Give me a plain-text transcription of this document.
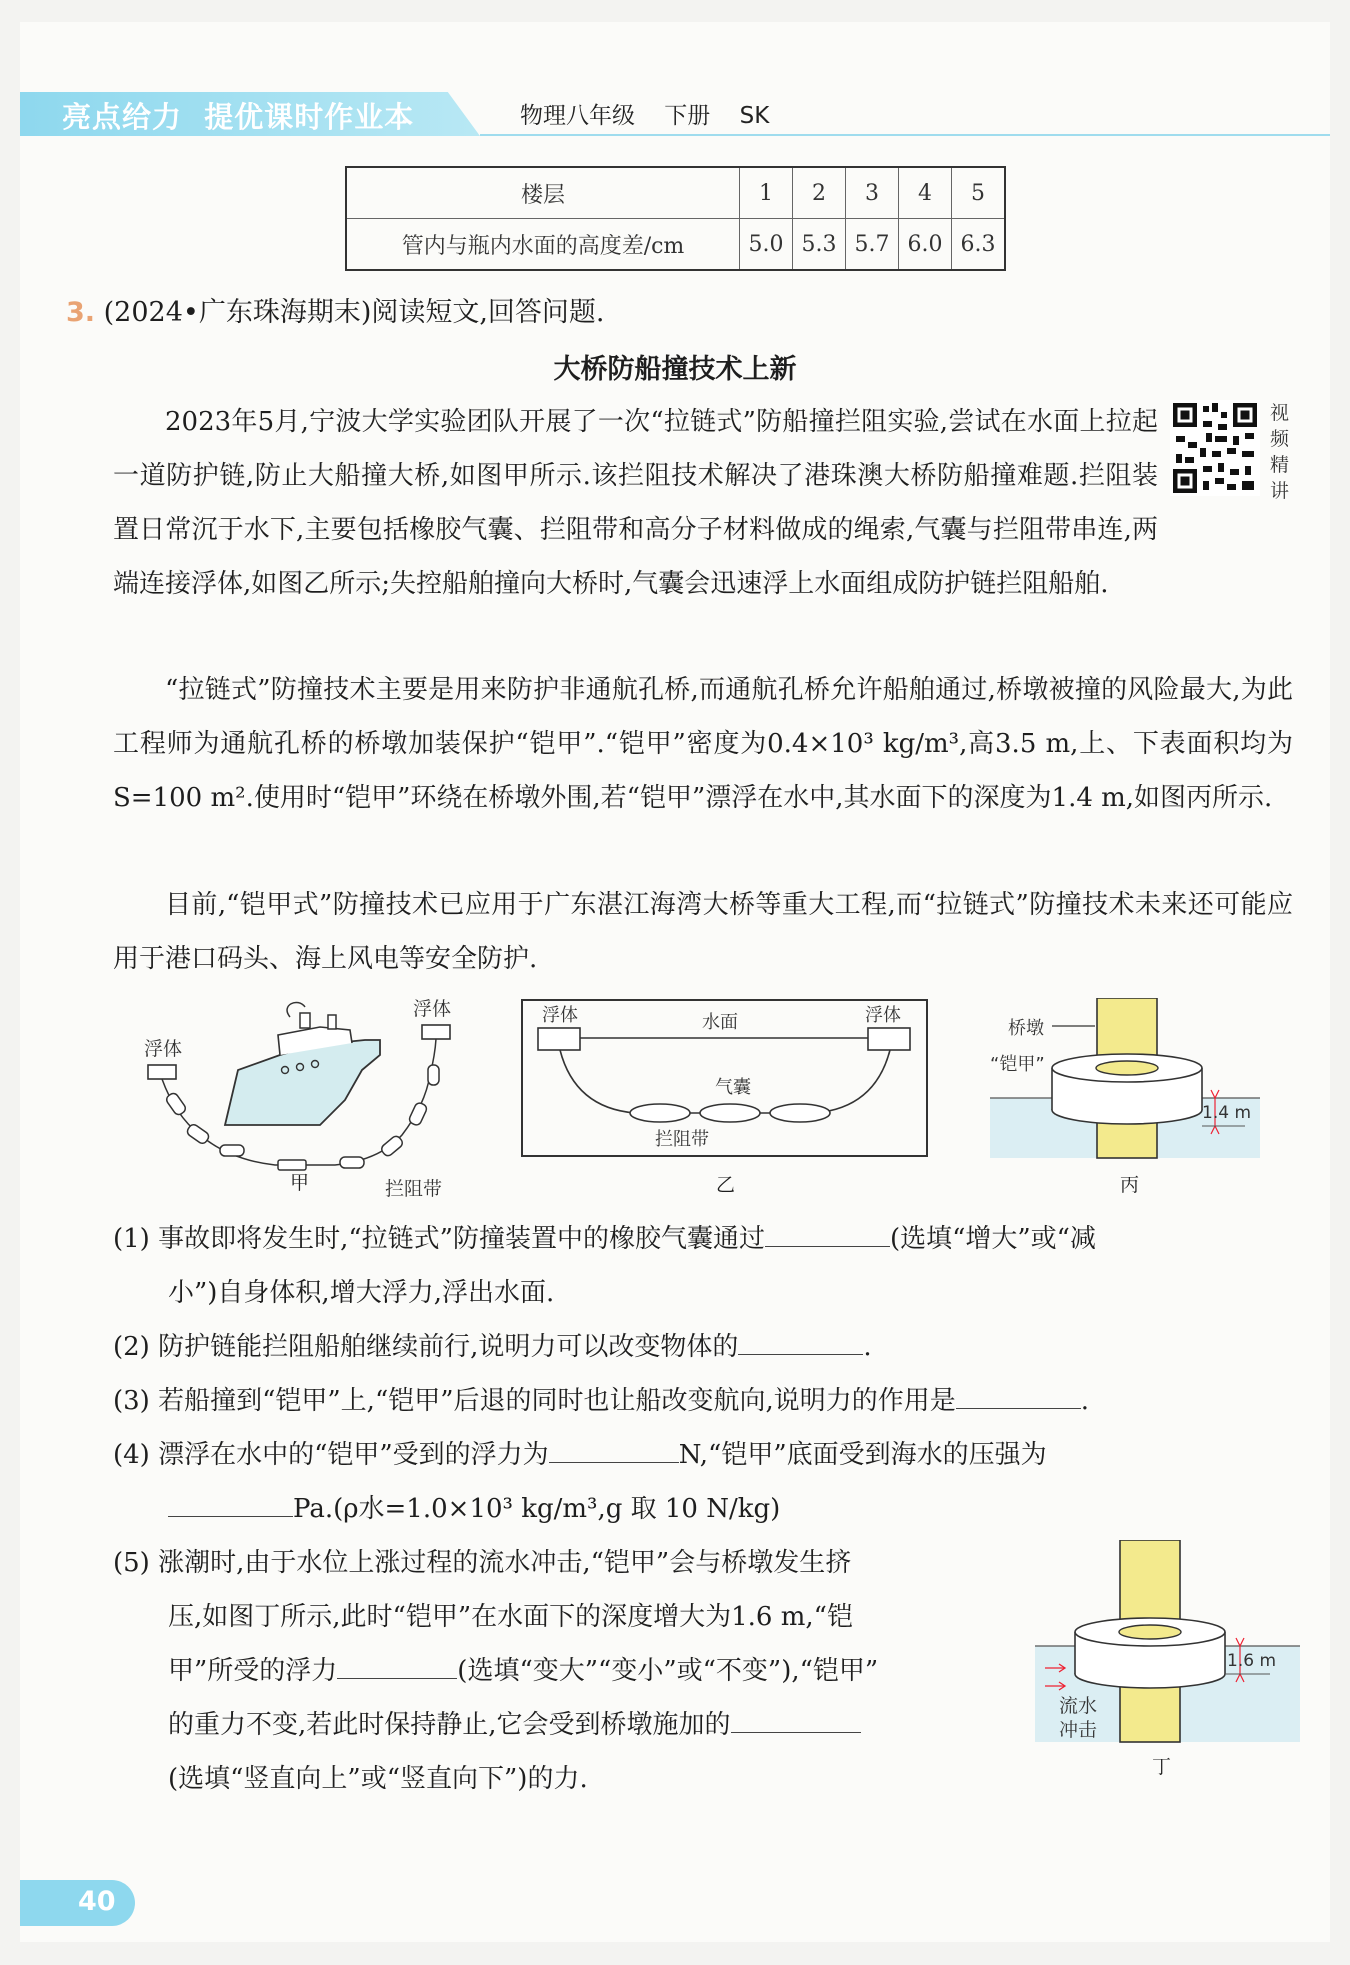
亮点给力  提优课时作业本	物理八年级 下册 SK
楼层	1	2	3	4	5
管内与瓶内水面的高度差/cm	5.0	5.3	5.7	6.0	6.3
3. (2024•广东珠海期末)阅读短文,回答问题.
大桥防船撞技术上新
2023年5月,宁波大学实验团队开展了一次“拉链式”防船撞拦阻实验,尝试在水面上拉起一道防护链,防止大船撞大桥,如图甲所示.该拦阻技术解决了港珠澳大桥防船撞难题.拦阻装置日常沉于水下,主要包括橡胶气囊、拦阻带和高分子材料做成的绳索,气囊与拦阻带串连,两端连接浮体,如图乙所示;失控船舶撞向大桥时,气囊会迅速浮上水面组成防护链拦阻船舶.
“拉链式”防撞技术主要是用来防护非通航孔桥,而通航孔桥允许船舶通过,桥墩被撞的风险最大,为此工程师为通航孔桥的桥墩加装保护“铠甲”.“铠甲”密度为0.4×10³ kg/m³,高3.5 m,上、下表面积均为S=100 m².使用时“铠甲”环绕在桥墩外围,若“铠甲”漂浮在水中,其水面下的深度为1.4 m,如图丙所示.
目前,“铠甲式”防撞技术已应用于广东湛江海湾大桥等重大工程,而“拉链式”防撞技术未来还可能应用于港口码头、海上风电等安全防护.
视频精讲
浮体
浮体
拦阻带
甲
浮体	水面	浮体
气囊
拦阻带
乙
桥墩
“铠甲”
1.4 m
丙
(1) 事故即将发生时,“拉链式”防撞装置中的橡胶气囊通过	(选填“增大”或“减
小”)自身体积,增大浮力,浮出水面.
(2) 防护链能拦阻船舶继续前行,说明力可以改变物体的	.
(3) 若船撞到“铠甲”上,“铠甲”后退的同时也让船改变航向,说明力的作用是	.
(4) 漂浮在水中的“铠甲”受到的浮力为	N,“铠甲”底面受到海水的压强为
Pa.(ρ水=1.0×10³ kg/m³,g 取 10 N/kg)
(5) 涨潮时,由于水位上涨过程的流水冲击,“铠甲”会与桥墩发生挤
压,如图丁所示,此时“铠甲”在水面下的深度增大为1.6 m,“铠
甲”所受的浮力	(选填“变大”“变小”或“不变”),“铠甲”
的重力不变,若此时保持静止,它会受到桥墩施加的
(选填“竖直向上”或“竖直向下”)的力.
1.6 m
流水
冲击
丁
40
